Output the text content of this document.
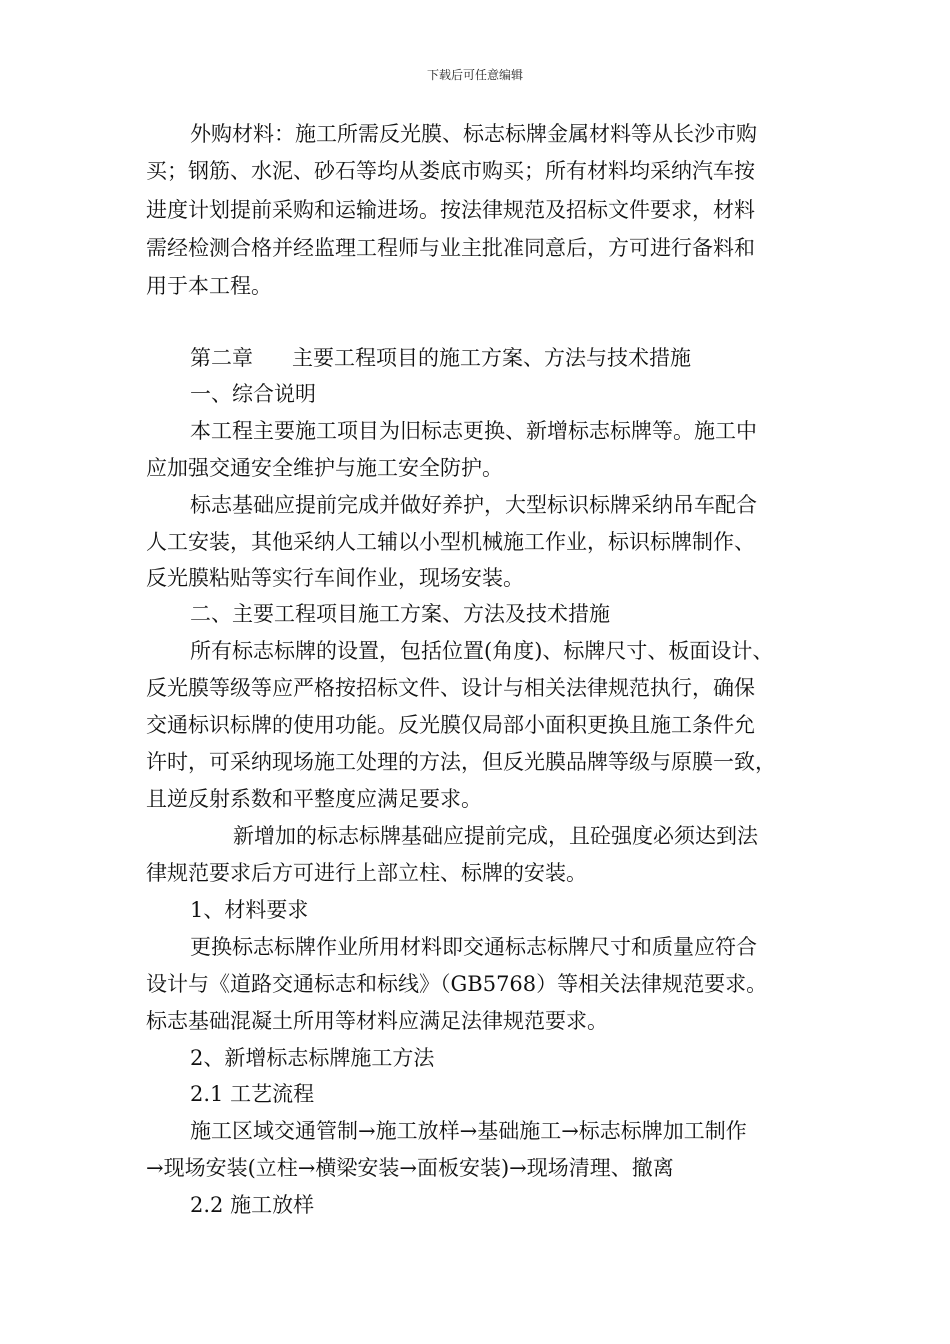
下载后可任意编辑
外购材料：施工所需反光膜、标志标牌金属材料等从长沙市购
买；钢筋、水泥、砂石等均从娄底市购买；所有材料均采纳汽车按
进度计划提前采购和运输进场。按法律规范及招标文件要求，材料
需经检测合格并经监理工程师与业主批准同意后，方可进行备料和
用于本工程。
第二章 主要工程项目的施工方案、方法与技术措施
一、综合说明
本工程主要施工项目为旧标志更换、新增标志标牌等。施工中
应加强交通安全维护与施工安全防护。
标志基础应提前完成并做好养护，大型标识标牌采纳吊车配合
人工安装，其他采纳人工辅以小型机械施工作业，标识标牌制作、
反光膜粘贴等实行车间作业，现场安装。
二、主要工程项目施工方案、方法及技术措施
所有标志标牌的设置，包括位置(角度)、标牌尺寸、板面设计、
反光膜等级等应严格按招标文件、设计与相关法律规范执行，确保
交通标识标牌的使用功能。反光膜仅局部小面积更换且施工条件允
许时，可采纳现场施工处理的方法，但反光膜品牌等级与原膜一致，
且逆反射系数和平整度应满足要求。
新增加的标志标牌基础应提前完成，且砼强度必须达到法
律规范要求后方可进行上部立柱、标牌的安装。
1、材料要求
更换标志标牌作业所用材料即交通标志标牌尺寸和质量应符合
设计与《道路交通标志和标线》（GB5768）等相关法律规范要求。
标志基础混凝土所用等材料应满足法律规范要求。
2、新增标志标牌施工方法
2.1 工艺流程
施工区域交通管制→施工放样→基础施工→标志标牌加工制作
→现场安装(立柱→横梁安装→面板安装)→现场清理、撤离
2.2 施工放样
